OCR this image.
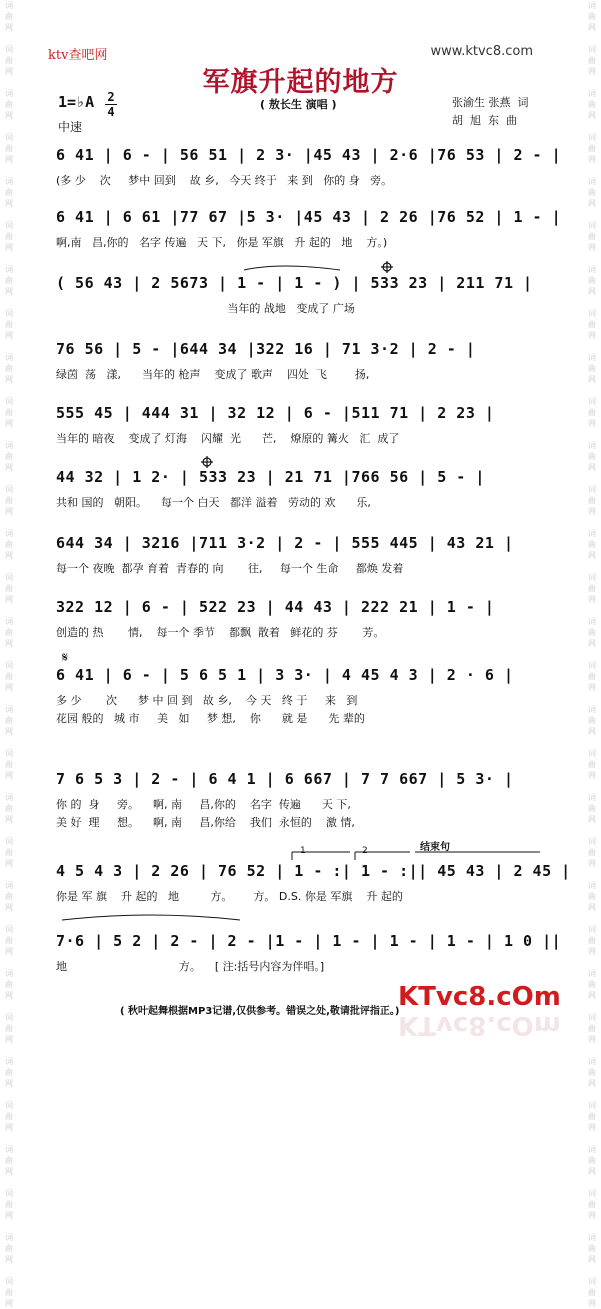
词
曲
网

词
曲
网

词
曲
网

词
曲
网

词
曲
网

词
曲
网

词
曲
网

词
曲
网

词
曲
网

词
曲
网

词
曲
网

词
曲
网

词
曲
网

词
曲
网

词
曲
网

词
曲
网

词
曲
网

词
曲
网

词
曲
网

词
曲
网

词
曲
网

词
曲
网

词
曲
网

词
曲
网

词
曲
网

词
曲
网

词
曲
网

词
曲
网

词
曲
网

词
曲
网

词
曲
网

词
曲
网

词
曲
网

词
曲
网

词
曲
网

词
曲
网

词
曲
网

词
曲
网

词
曲
网

词
曲
网

词
曲
网

词
曲
网

词
曲
网

词
曲
网

词
曲
网

词
曲
网

词
曲
网

词
曲
网

词
曲
网

词
曲
网

词
曲
网

词
曲
网

词
曲
网

词
曲
网

词
曲
网

词
曲
网

词
曲
网

词
曲
网

词
曲
网

词
曲
网

ktv查吧网	www.ktvc8.com
军旗升起的地方
1=♭A 2
4
中速
( 敖长生 演唱 )	张渝生 张燕  词
胡  旭  东  曲
6 41 | 6 - | 56 51 | 2 3· |45 43 | 2·6 |76 53 | 2 - |
(多 少    次     梦中 回到    故 乡,   今天 终于   来 到   你的 身   旁。
6 41 | 6 61 |77 67 |5 3· |45 43 | 2 26 |76 52 | 1 - |
啊,南   昌,你的   名字 传遍   天 下,   你是 军旗   升 起的   地    方。)
( 56 43 | 2 5673 | 1 - | 1 - ) | 533 23 | 211 71 |
当年的 战地   变成了 广场
76 56 | 5 - |644 34 |322 16 | 71 3·2 | 2 - |
绿茵  荡   漾,      当年的 枪声    变成了 歌声    四处  飞        扬,
555 45 | 444 31 | 32 12 | 6 - |511 71 | 2 23 |
当年的 暗夜    变成了 灯海    闪耀  光      芒,    燎原的 篝火   汇  成了
44 32 | 1 2· | 533 23 | 21 71 |766 56 | 5 - |
共和 国的   朝阳。    每一个 白天   都洋 溢着   劳动的 欢      乐,
644 34 | 3216 |711 3·2 | 2 - | 555 445 | 43 21 |
每一个 夜晚  都孕 育着  青春的 向       往,     每一个 生命     都焕 发着
322 12 | 6 - | 522 23 | 44 43 | 222 21 | 1 - |
创造的 热       情,    每一个 季节    都飘  散着   鲜花的 芬       芳。
6 41 | 6 - | 5 6 5 1 | 3 3· | 4 45 4 3 | 2 · 6 |
多 少       次      梦 中 回 到   故 乡,    今 天   终 于     来   到
花园 般的   城 市     美   如     梦 想,    你      就 是      先 辈的
7 6 5 3 | 2 - | 6 4 1 | 6 667 | 7 7 667 | 5 3· |
你 的  身     旁。    啊, 南     昌,你的    名字  传遍      天 下,
美 好  理     想。    啊, 南     昌,你给    我们  永恒的    激 情,
4 5 4 3 | 2 26 | 76 52 | 1 - :| 1 - :|| 45 43 | 2 45 |
你是 军 旗    升 起的   地         方。      方。 D.S. 你是 军旗    升 起的
7·6 | 5 2 | 2 - | 2 - |1 - | 1 - | 1 - | 1 - | 1 0 ||
地                                方。    [ 注:括号内容为伴唱。]
1	2	结束句
𝄋
( 秋叶起舞根据MP3记谱,仅供参考。错误之处,敬请批评指正。)
KTvc8.cOm
KTvc8.cOm
